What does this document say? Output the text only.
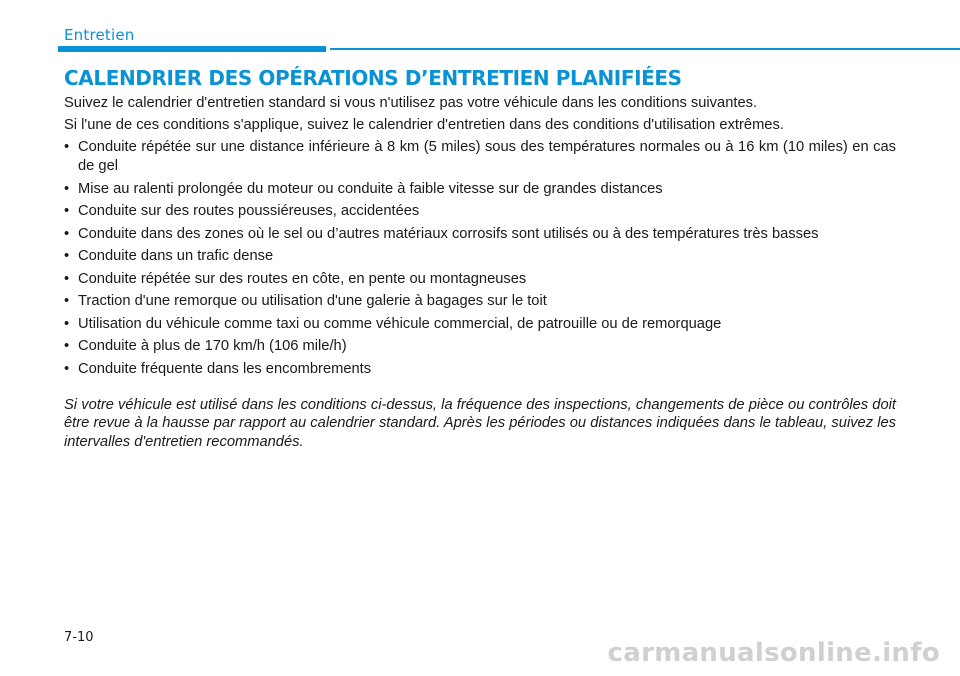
Entretien
CALENDRIER DES OPÉRATIONS D’ENTRETIEN PLANIFIÉES

Suivez le calendrier d'entretien standard si vous n'utilisez pas votre véhicule dans les conditions suivantes.

Si l'une de ces conditions s'applique, suivez le calendrier d'entretien dans des conditions d'utilisation extrêmes.

• Conduite répétée sur une distance inférieure à 8 km (5 miles) sous des températures normales ou à 16 km (10 miles) en cas de gel
• Mise au ralenti prolongée du moteur ou conduite à faible vitesse sur de grandes distances
• Conduite sur des routes poussiéreuses, accidentées
• Conduite dans des zones où le sel ou d’autres matériaux corrosifs sont utilisés ou à des températures très basses
• Conduite dans un trafic dense
• Conduite répétée sur des routes en côte, en pente ou montagneuses
• Traction d'une remorque ou utilisation d'une galerie à bagages sur le toit
• Utilisation du véhicule comme taxi ou comme véhicule commercial, de patrouille ou de remorquage
• Conduite à plus de 170 km/h (106 mile/h)
• Conduite fréquente dans les encombrements

Si votre véhicule est utilisé dans les conditions ci-dessus, la fréquence des inspections, changements de pièce ou contrôles doit être revue à la hausse par rapport au calendrier standard. Après les périodes ou distances indiquées dans le tableau, suivez les intervalles d'entretien recommandés.

7-10
carmanualsonline.info
